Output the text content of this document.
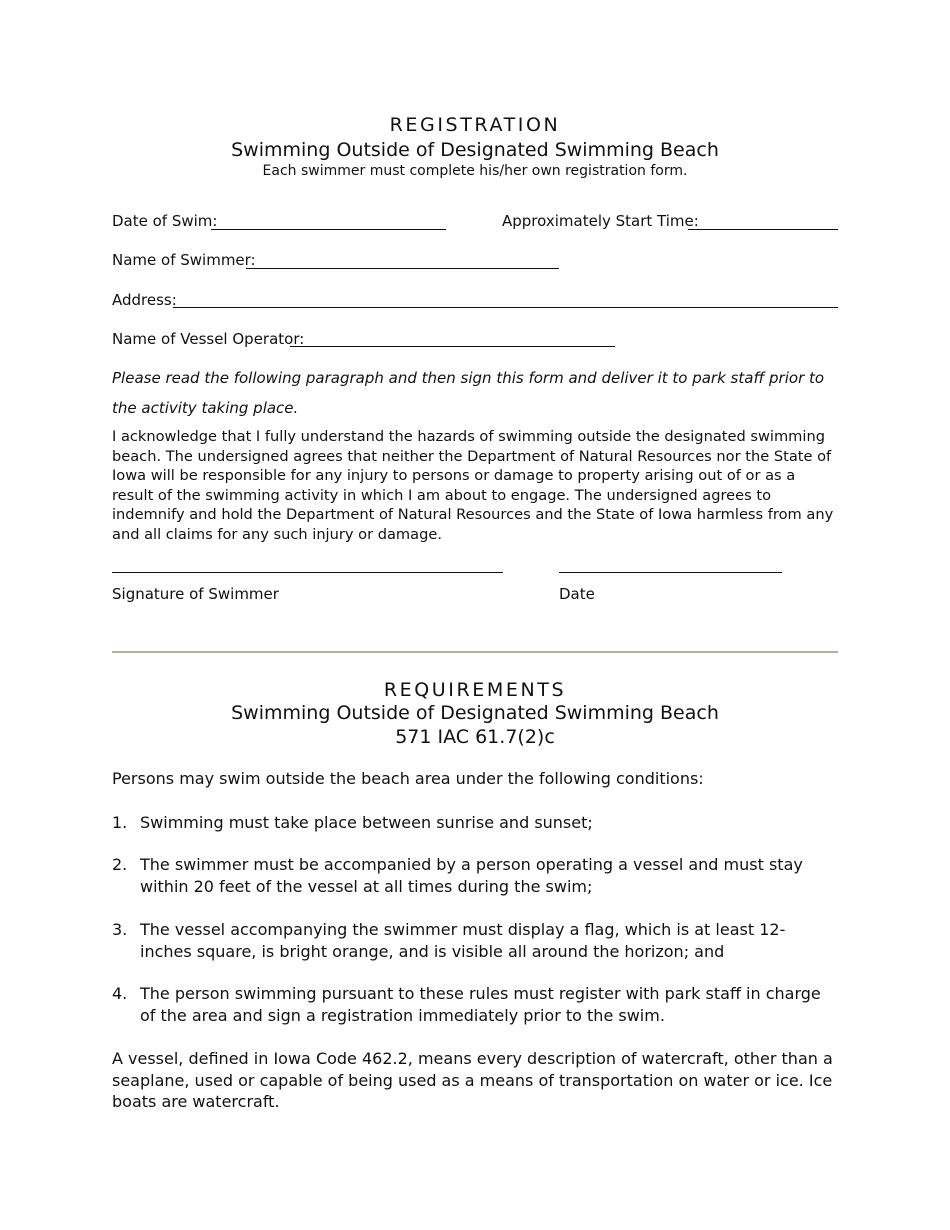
REGISTRATION
Swimming Outside of Designated Swimming Beach
Each swimmer must complete his/her own registration form.
Date of Swim:	Approximately Start Time:
Name of Swimmer:
Address:
Name of Vessel Operator:
Please read the following paragraph and then sign this form and deliver it to park staff prior to the activity taking place.
I acknowledge that I fully understand the hazards of swimming outside the designated swimming beach. The undersigned agrees that neither the Department of Natural Resources nor the State of Iowa will be responsible for any injury to persons or damage to property arising out of or as a result of the swimming activity in which I am about to engage. The undersigned agrees to indemnify and hold the Department of Natural Resources and the State of Iowa harmless from any and all claims for any such injury or damage.
Signature of Swimmer	Date
REQUIREMENTS
Swimming Outside of Designated Swimming Beach
571 IAC 61.7(2)c
Persons may swim outside the beach area under the following conditions:
1. Swimming must take place between sunrise and sunset;
2. The swimmer must be accompanied by a person operating a vessel and must stay within 20 feet of the vessel at all times during the swim;
3. The vessel accompanying the swimmer must display a flag, which is at least 12-inches square, is bright orange, and is visible all around the horizon; and
4. The person swimming pursuant to these rules must register with park staff in charge of the area and sign a registration immediately prior to the swim.
A vessel, defined in Iowa Code 462.2, means every description of watercraft, other than a seaplane, used or capable of being used as a means of transportation on water or ice. Ice boats are watercraft.
